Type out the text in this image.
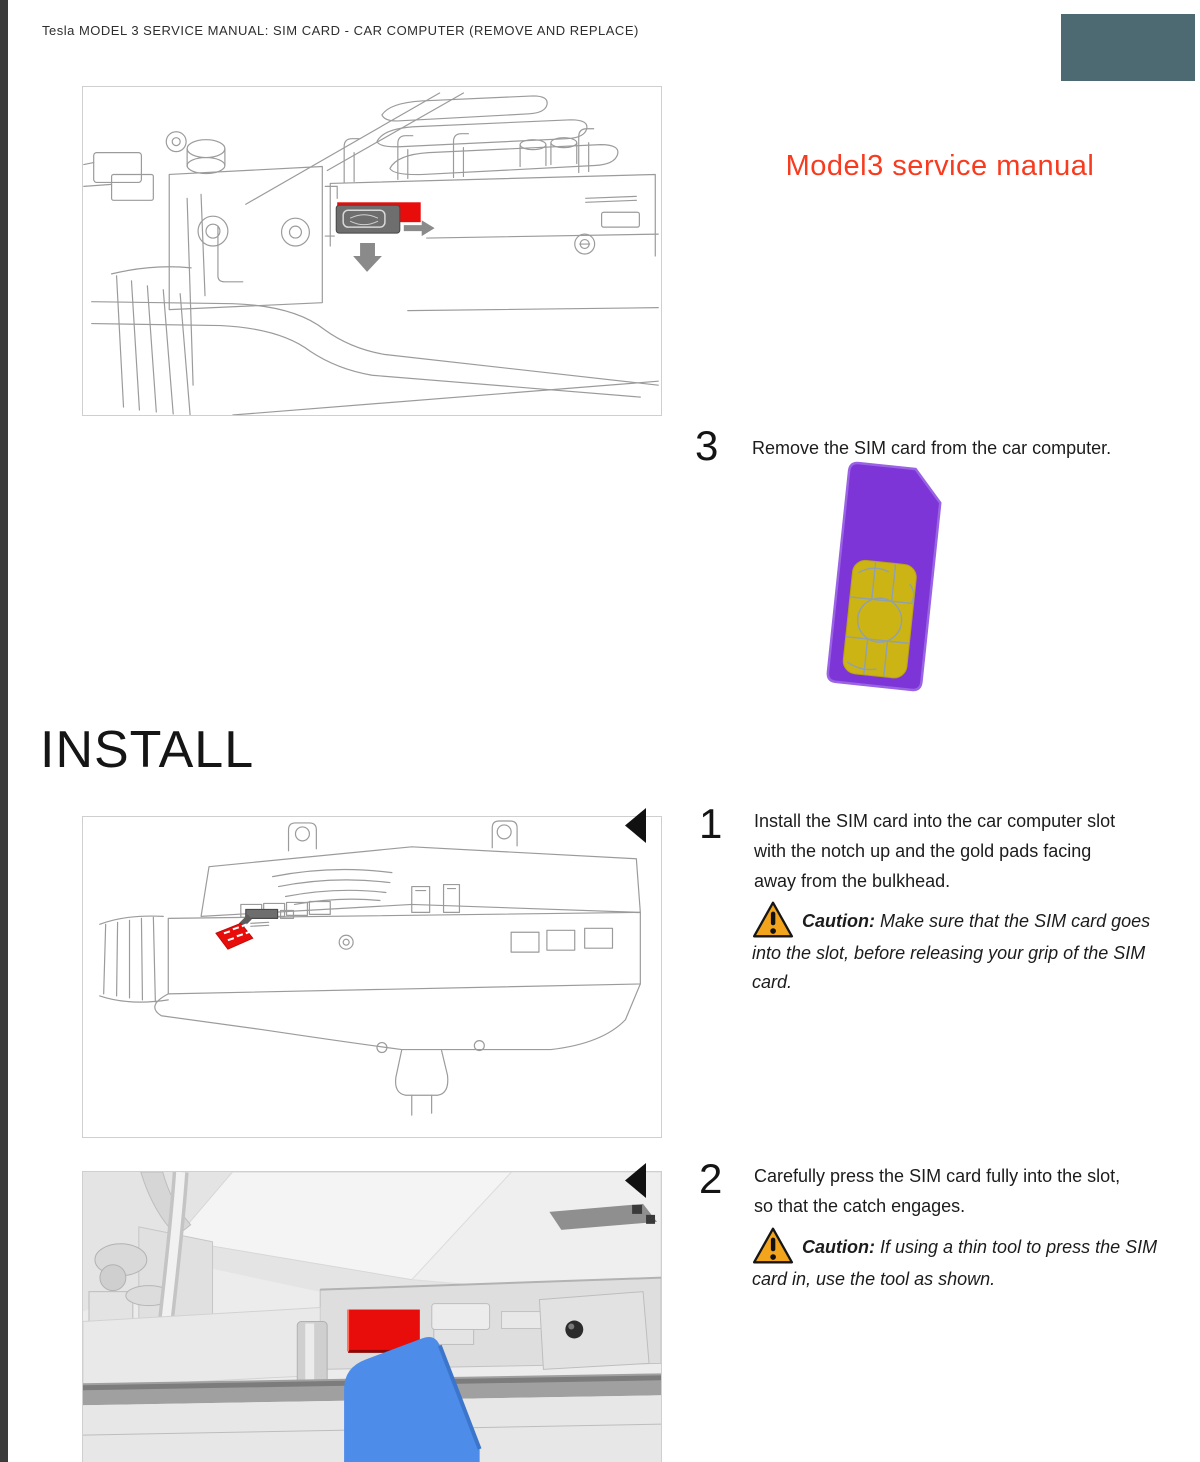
Tesla MODEL 3 SERVICE MANUAL: SIM CARD - CAR COMPUTER (REMOVE AND REPLACE)
Model3 service manual
3 Remove the SIM card from the car computer.

INSTALL
1 Install the SIM card into the car computer slot with the notch up and the gold pads facing away from the bulkhead.

Caution: Make sure that the SIM card goes into the slot, before releasing your grip of the SIM card.

2 Carefully press the SIM card fully into the slot, so that the catch engages.

Caution: If using a thin tool to press the SIM card in, use the tool as shown.
